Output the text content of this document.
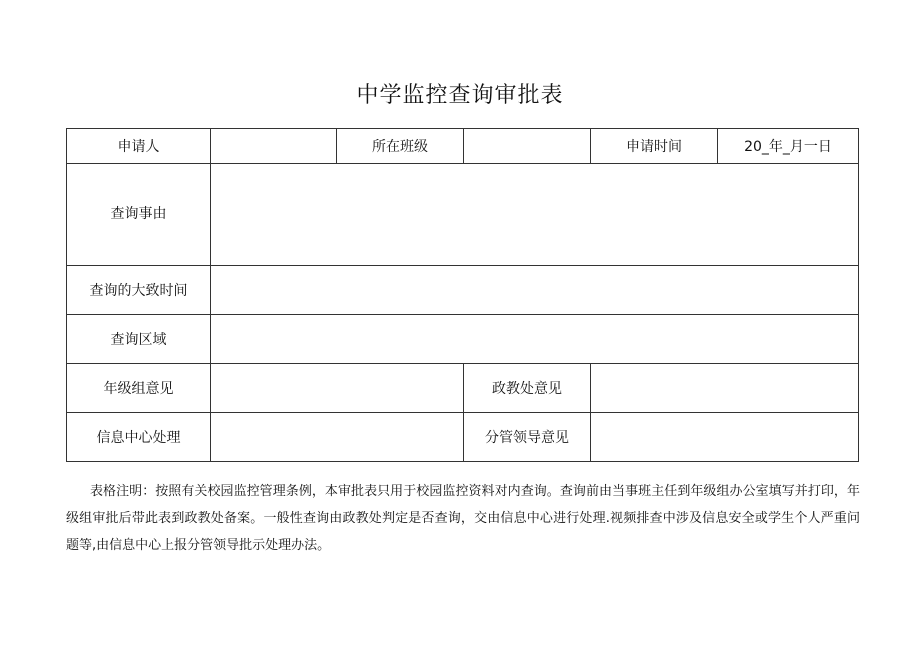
中学监控查询审批表
申请人		所在班级		申请时间	20_年_月一日
查询事由					
查询的大致时间					
查询区域					
年级组意见			政教处意见		
信息中心处理			分管领导意见		

表格注明：按照有关校园监控管理条例，本审批表只用于校园监控资料对内查询。查询前由当事班主任到年级组办公室填写并打印，年级组审批后带此表到政教处备案。一般性查询由政教处判定是否查询，交由信息中心进行处理.视频排查中涉及信息安全或学生个人严重问题等,由信息中心上报分管领导批示处理办法。
